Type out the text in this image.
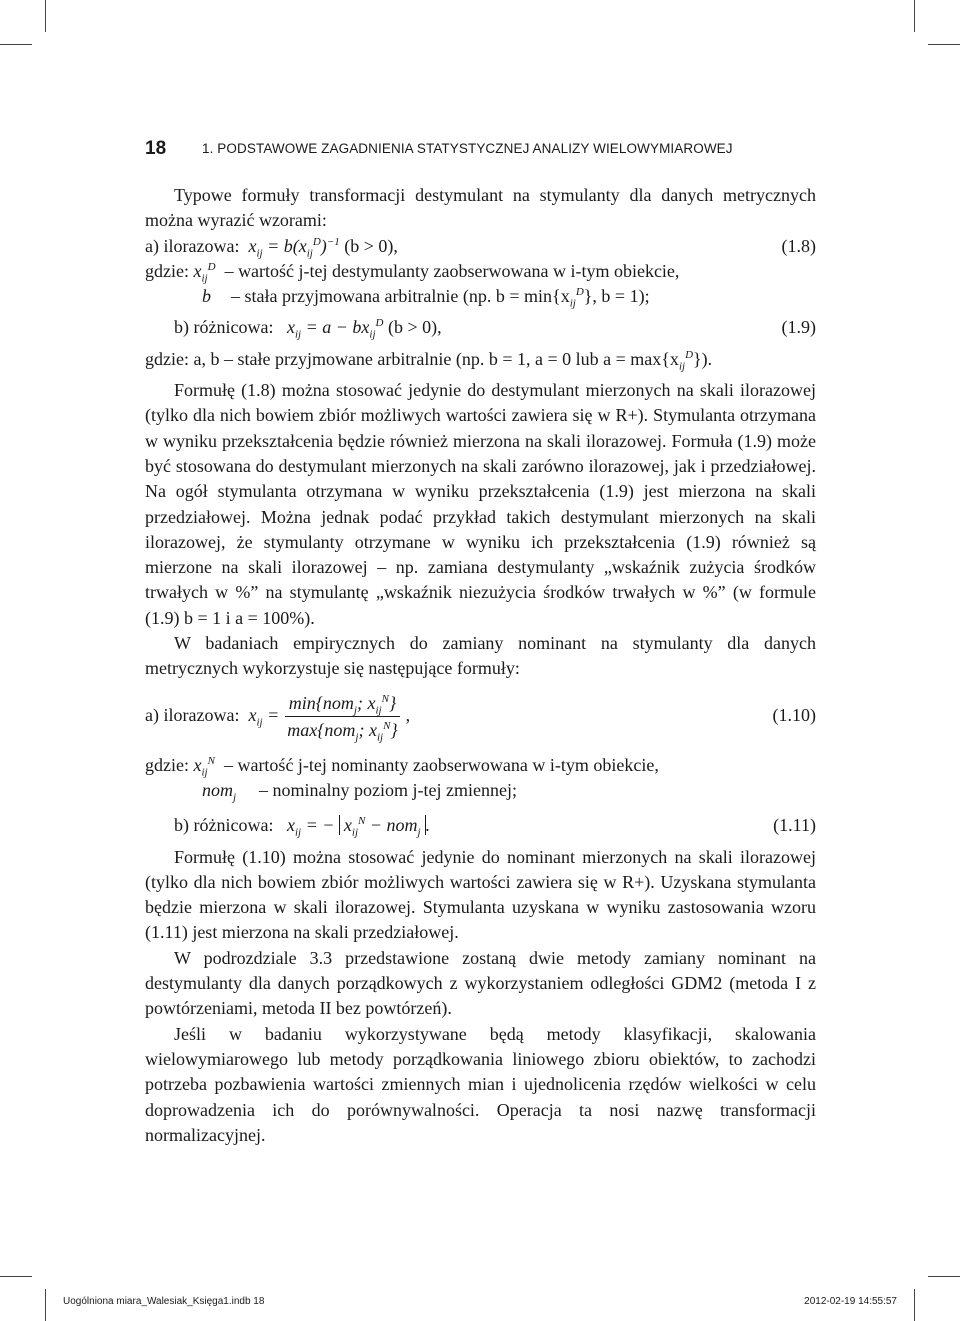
18	1. PODSTAWOWE ZAGADNIENIA STATYSTYCZNEJ ANALIZY WIELOWYMIAROWEJ

Typowe formuły transformacji destymulant na stymulanty dla danych metrycznych można wyrazić wzorami:

a) ilorazowa:  $x_{ij} = b(x_{ij}^D)^{-1}$ (b > 0),	(1.8)
gdzie: $x_{ij}^D$ – wartość j-tej destymulanty zaobserwowana w i-tym obiekcie,
b	– stała przyjmowana arbitralnie (np. b = min{x $_{ij}^D$ }, b = 1);
b) różnicowa:   $x_{ij} = a - bx_{ij}^D$ (b > 0),	(1.9)
gdzie: a, b – stałe przyjmowane arbitralnie (np. b = 1, a = 0 lub $a = \max\{x_{ij}^D\}$).

Formułę (1.8) można stosować jedynie do destymulant mierzonych na skali ilorazowej (tylko dla nich bowiem zbiór możliwych wartości zawiera się w R+). Stymulanta otrzymana w wyniku przekształcenia będzie również mierzona na skali ilorazowej. Formuła (1.9) może być stosowana do destymulant mierzonych na skali zarówno ilorazowej, jak i przedziałowej. Na ogół stymulanta otrzymana w wyniku przekształcenia (1.9) jest mierzona na skali przedziałowej. Można jednak podać przykład takich destymulant mierzonych na skali ilorazowej, że stymulanty otrzymane w wyniku ich przekształcenia (1.9) również są mierzone na skali ilorazowej – np. zamiana destymulanty „wskaźnik zużycia środków trwałych w %” na stymulantę „wskaźnik niezużycia środków trwałych w %” (w formule (1.9) b = 1 i a = 100%).

W badaniach empirycznych do zamiany nominant na stymulanty dla danych metrycznych wykorzystuje się następujące formuły:

a) ilorazowa: $x_{ij} = \frac{\min\{nom_j; x_{ij}^N\}}{\max\{nom_j; x_{ij}^N\}}$ ,	(1.10)
gdzie: $x_{ij}^N$ – wartość j-tej nominanty zaobserwowana w i-tym obiekcie,
nom$_j$	– nominalny poziom j-tej zmiennej;
b) różnicowa:   $x_{ij}$ = − $x_{ij}^N - nom_j$ .	(1.11)

Formułę (1.10) można stosować jedynie do nominant mierzonych na skali ilorazowej (tylko dla nich bowiem zbiór możliwych wartości zawiera się w R+). Uzyskana stymulanta będzie mierzona w skali ilorazowej. Stymulanta uzyskana w wyniku zastosowania wzoru (1.11) jest mierzona na skali przedziałowej.

W podrozdziale 3.3 przedstawione zostaną dwie metody zamiany nominant na destymulanty dla danych porządkowych z wykorzystaniem odległości GDM2 (metoda I z powtórzeniami, metoda II bez powtórzeń).

Jeśli w badaniu wykorzystywane będą metody klasyfikacji, skalowania wielowymiarowego lub metody porządkowania liniowego zbioru obiektów, to zachodzi potrzeba pozbawienia wartości zmiennych mian i ujednolicenia rzędów wielkości w celu doprowadzenia ich do porównywalności. Operacja ta nosi nazwę transformacji normalizacyjnej.

Uogólniona miara_Walesiak_Księga1.indb 18	2012-02-19 14:55:57
